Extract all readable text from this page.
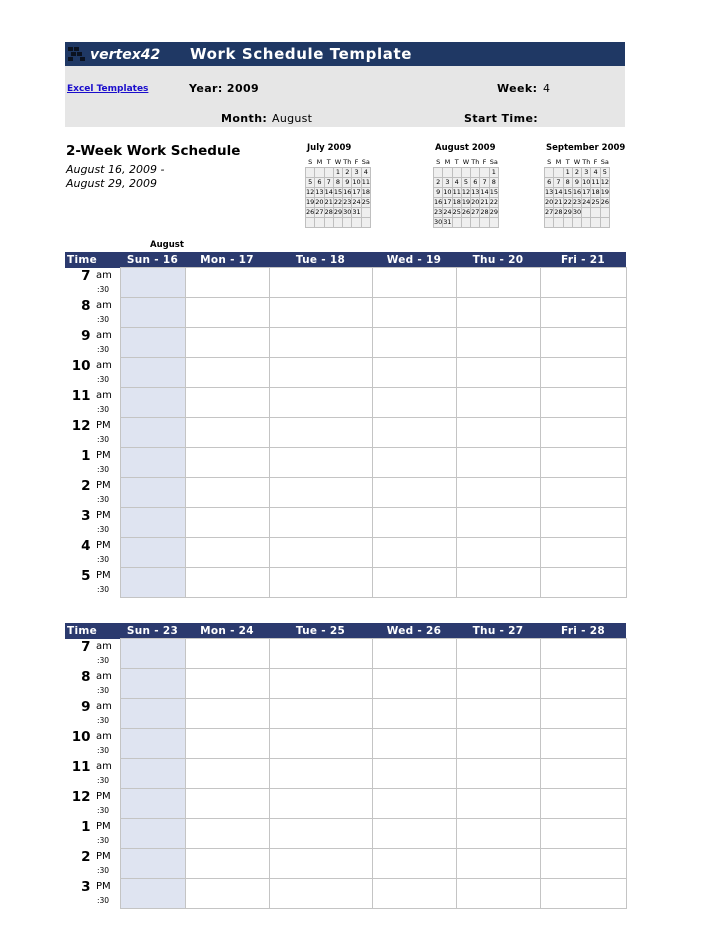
vertex42 Work Schedule Template
Excel Templates	Year: 2009	Week: 4
Month: August	Start Time:
2-Week Work Schedule
August 16, 2009 -
August 29, 2009
July 2009
S	M	T	W	Th	F	Sa
			1	2	3	4
5	6	7	8	9	10	11
12	13	14	15	16	17	18
19	20	21	22	23	24	25
26	27	28	29	30	31	

August 2009
S	M	T	W	Th	F	Sa
						1
2	3	4	5	6	7	8
9	10	11	12	13	14	15
16	17	18	19	20	21	22
23	24	25	26	27	28	29
30	31					
September 2009
S	M	T	W	Th	F	Sa
		1	2	3	4	5
6	7	8	9	10	11	12
13	14	15	16	17	18	19
20	21	22	23	24	25	26
27	28	29	30			

August
Time	Sun - 16	Mon - 17	Tue - 18	Wed - 19	Thu - 20	Fri - 21

7 am
:30						

8 am
:30						

9 am
:30						

10 am
:30						

11 am
:30						

12 PM
:30						

1 PM
:30						

2 PM
:30						

3 PM
:30						

4 PM
:30						

5 PM
:30						

Time	Sun - 23	Mon - 24	Tue - 25	Wed - 26	Thu - 27	Fri - 28

7 am
:30						

8 am
:30						

9 am
:30						

10 am
:30						

11 am
:30						

12 PM
:30						

1 PM
:30						

2 PM
:30						

3 PM
:30						
